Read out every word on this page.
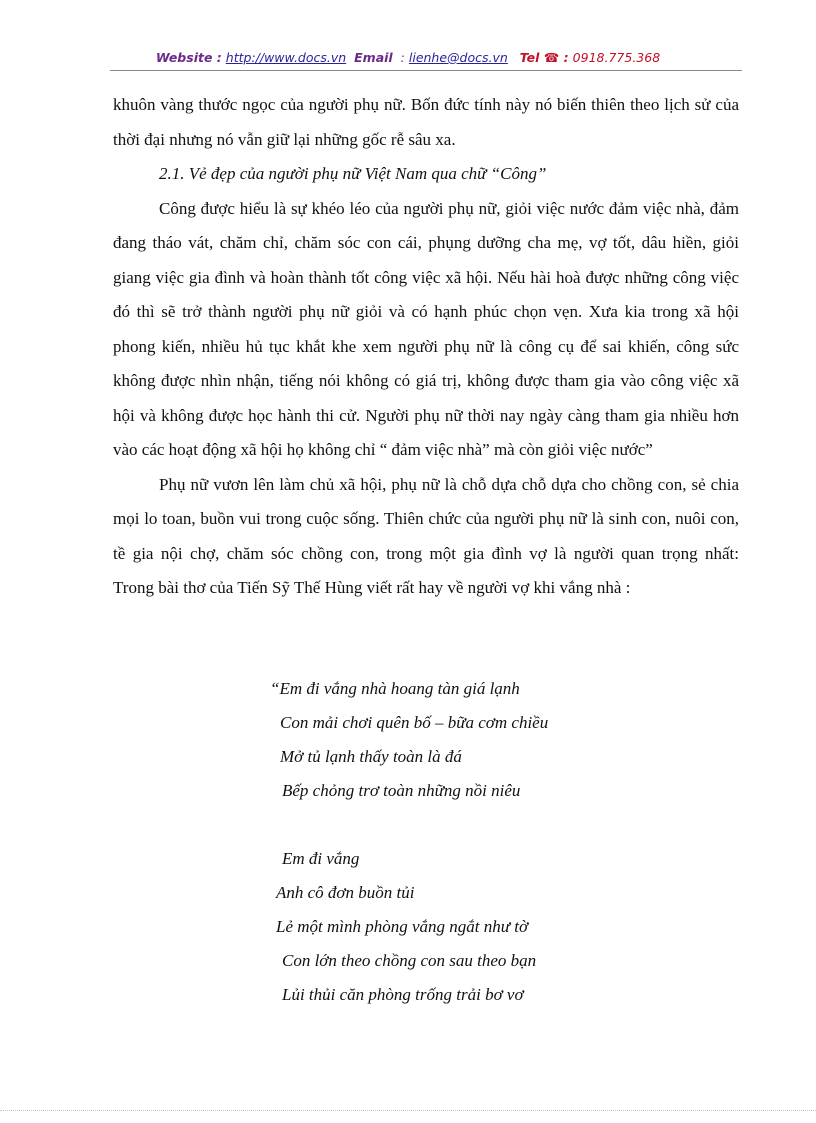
Website : http://www.docs.vn Email : lienhe@docs.vn Tel ☎ : 0918.775.368

khuôn vàng thước ngọc của người phụ nữ. Bốn đức tính này nó biến thiên theo lịch sử của thời đại nhưng nó vẫn giữ lại những gốc rễ sâu xa.

2.1. Vẻ đẹp của người phụ nữ Việt Nam qua chữ “Công”

Công được hiểu là sự khéo léo của người phụ nữ, giỏi việc nước đảm việc nhà, đảm đang tháo vát, chăm chỉ, chăm sóc con cái, phụng dưỡng cha mẹ, vợ tốt, dâu hiền, giỏi giang việc gia đình và hoàn thành tốt công việc xã hội. Nếu hài hoà được những công việc đó thì sẽ trở thành người phụ nữ giỏi và có hạnh phúc chọn vẹn. Xưa kia trong xã hội phong kiến, nhiều hủ tục khắt khe xem người phụ nữ là công cụ để sai khiến, công sức không được nhìn nhận, tiếng nói không có giá trị, không được tham gia vào công việc xã hội và không được học hành thi cử. Người phụ nữ thời nay ngày càng tham gia nhiều hơn vào các hoạt động xã hội họ không chỉ “ đảm việc nhà” mà còn giỏi việc nước”

Phụ nữ vươn lên làm chủ xã hội, phụ nữ là chỗ dựa chỗ dựa cho chồng con, sẻ chia mọi lo toan, buồn vui trong cuộc sống. Thiên chức của người phụ nữ là sinh con, nuôi con, tề gia nội chợ, chăm sóc chồng con, trong một gia đình vợ là người quan trọng nhất:

Trong bài thơ của Tiến Sỹ Thế Hùng viết rất hay về người vợ khi vắng nhà :

“Em đi vắng nhà hoang tàn giá lạnh
Con mải chơi quên bố – bữa cơm chiều
Mở tủ lạnh thấy toàn là đá
Bếp chỏng trơ toàn những nồi niêu
Em đi vắng
Anh cô đơn buồn tủi
Lẻ một mình phòng vắng ngắt như tờ
Con lớn theo chồng con sau theo bạn
Lủi thủi căn phòng trống trải bơ vơ
